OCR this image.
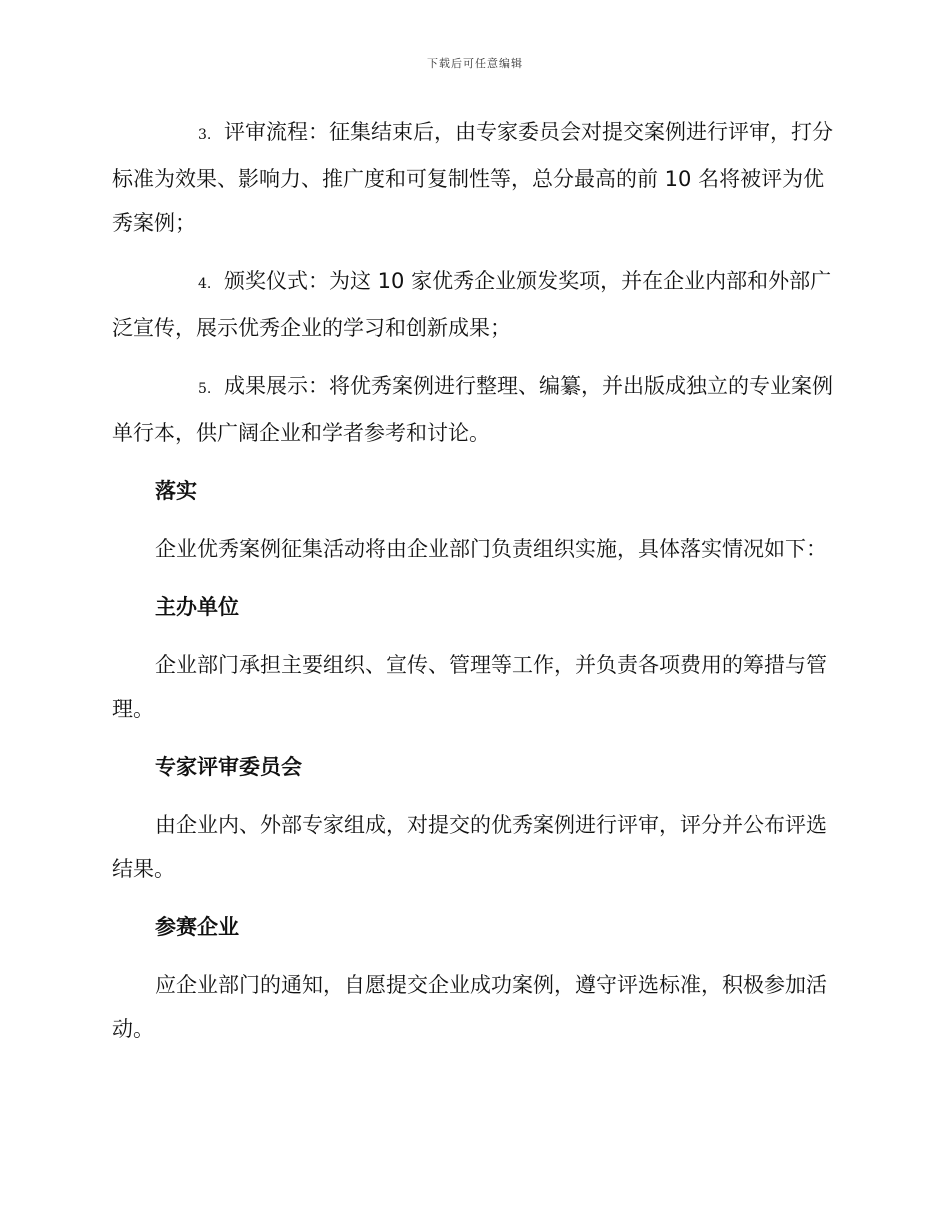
下载后可任意编辑

3. 评审流程：征集结束后，由专家委员会对提交案例进行评审，打分标准为效果、影响力、推广度和可复制性等，总分最高的前 10 名将被评为优秀案例；

4. 颁奖仪式：为这 10 家优秀企业颁发奖项，并在企业内部和外部广泛宣传，展示优秀企业的学习和创新成果；

5. 成果展示：将优秀案例进行整理、编纂，并出版成独立的专业案例单行本，供广阔企业和学者参考和讨论。

落实

企业优秀案例征集活动将由企业部门负责组织实施，具体落实情况如下：

主办单位

企业部门承担主要组织、宣传、管理等工作，并负责各项费用的筹措与管理。

专家评审委员会

由企业内、外部专家组成，对提交的优秀案例进行评审，评分并公布评选结果。

参赛企业

应企业部门的通知，自愿提交企业成功案例，遵守评选标准，积极参加活动。
